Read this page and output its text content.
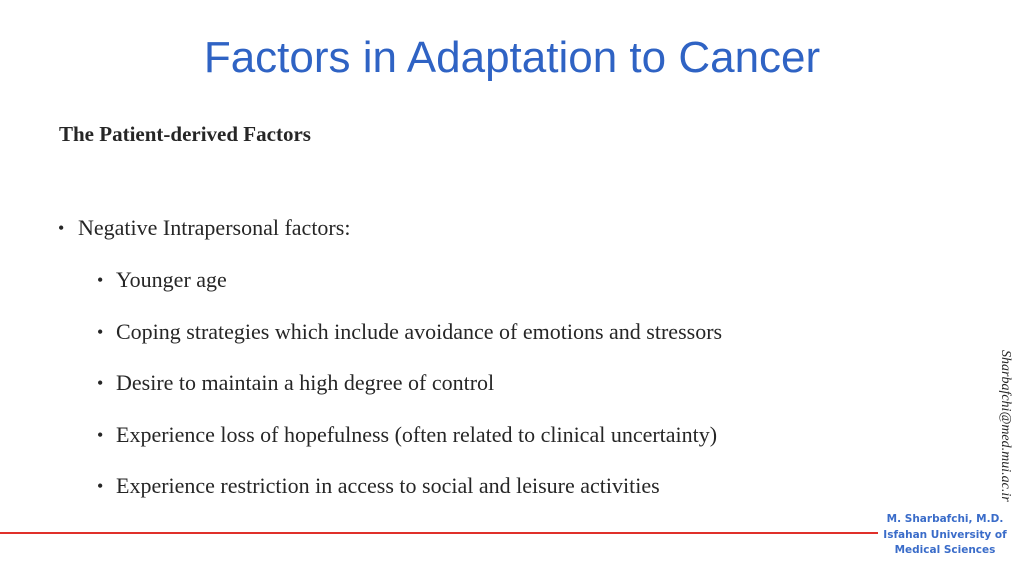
Factors in Adaptation to Cancer
The Patient-derived Factors
• Negative Intrapersonal factors:
• Younger age
• Coping strategies which include avoidance of emotions and stressors
• Desire to maintain a high degree of control
• Experience loss of hopefulness (often related to clinical uncertainty)
• Experience restriction in access to social and leisure activities	Sharbafchi@med.mui.ac.ir
M. Sharbafchi, M.D.
Isfahan University of
Medical Sciences
